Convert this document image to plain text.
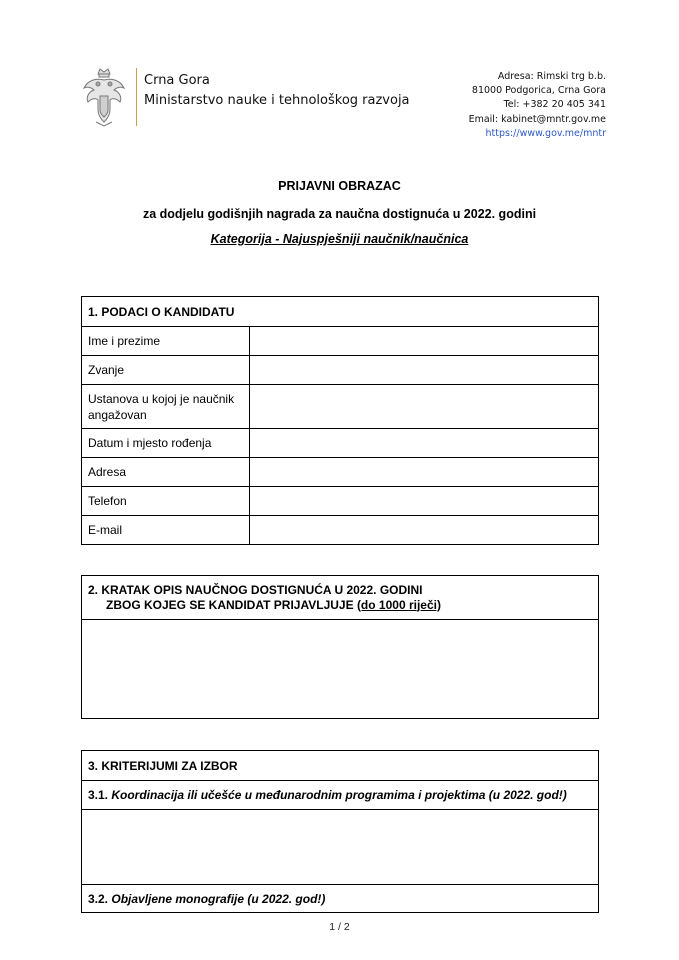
Crna Gora
Ministarstvo nauke i tehnološkog razvoja
Adresa: Rimski trg b.b.
81000 Podgorica, Crna Gora
Tel: +382 20 405 341
Email: kabinet@mntr.gov.me
https://www.gov.me/mntr
PRIJAVNI OBRAZAC
za dodjelu godišnjih nagrada za naučna dostignuća u 2022. godini
Kategorija - Najuspješniji naučnik/naučnica
1. PODACI O KANDIDATU	
Ime i prezime	
Zvanje	
Ustanova u kojoj je naučnik angažovan	
Datum i mjesto rođenja	
Adresa	
Telefon	
E-mail	
2. KRATAK OPIS NAUČNOG DOSTIGNUĆA U 2022. GODINI
ZBOG KOJEG SE KANDIDAT PRIJAVLJUJE (do 1000 riječi)

3. KRITERIJUMI ZA IZBOR
3.1. Koordinacija ili učešće u međunarodnim programima i projektima (u 2022. god!)

3.2. Objavljene monografije (u 2022. god!)
1 / 2
